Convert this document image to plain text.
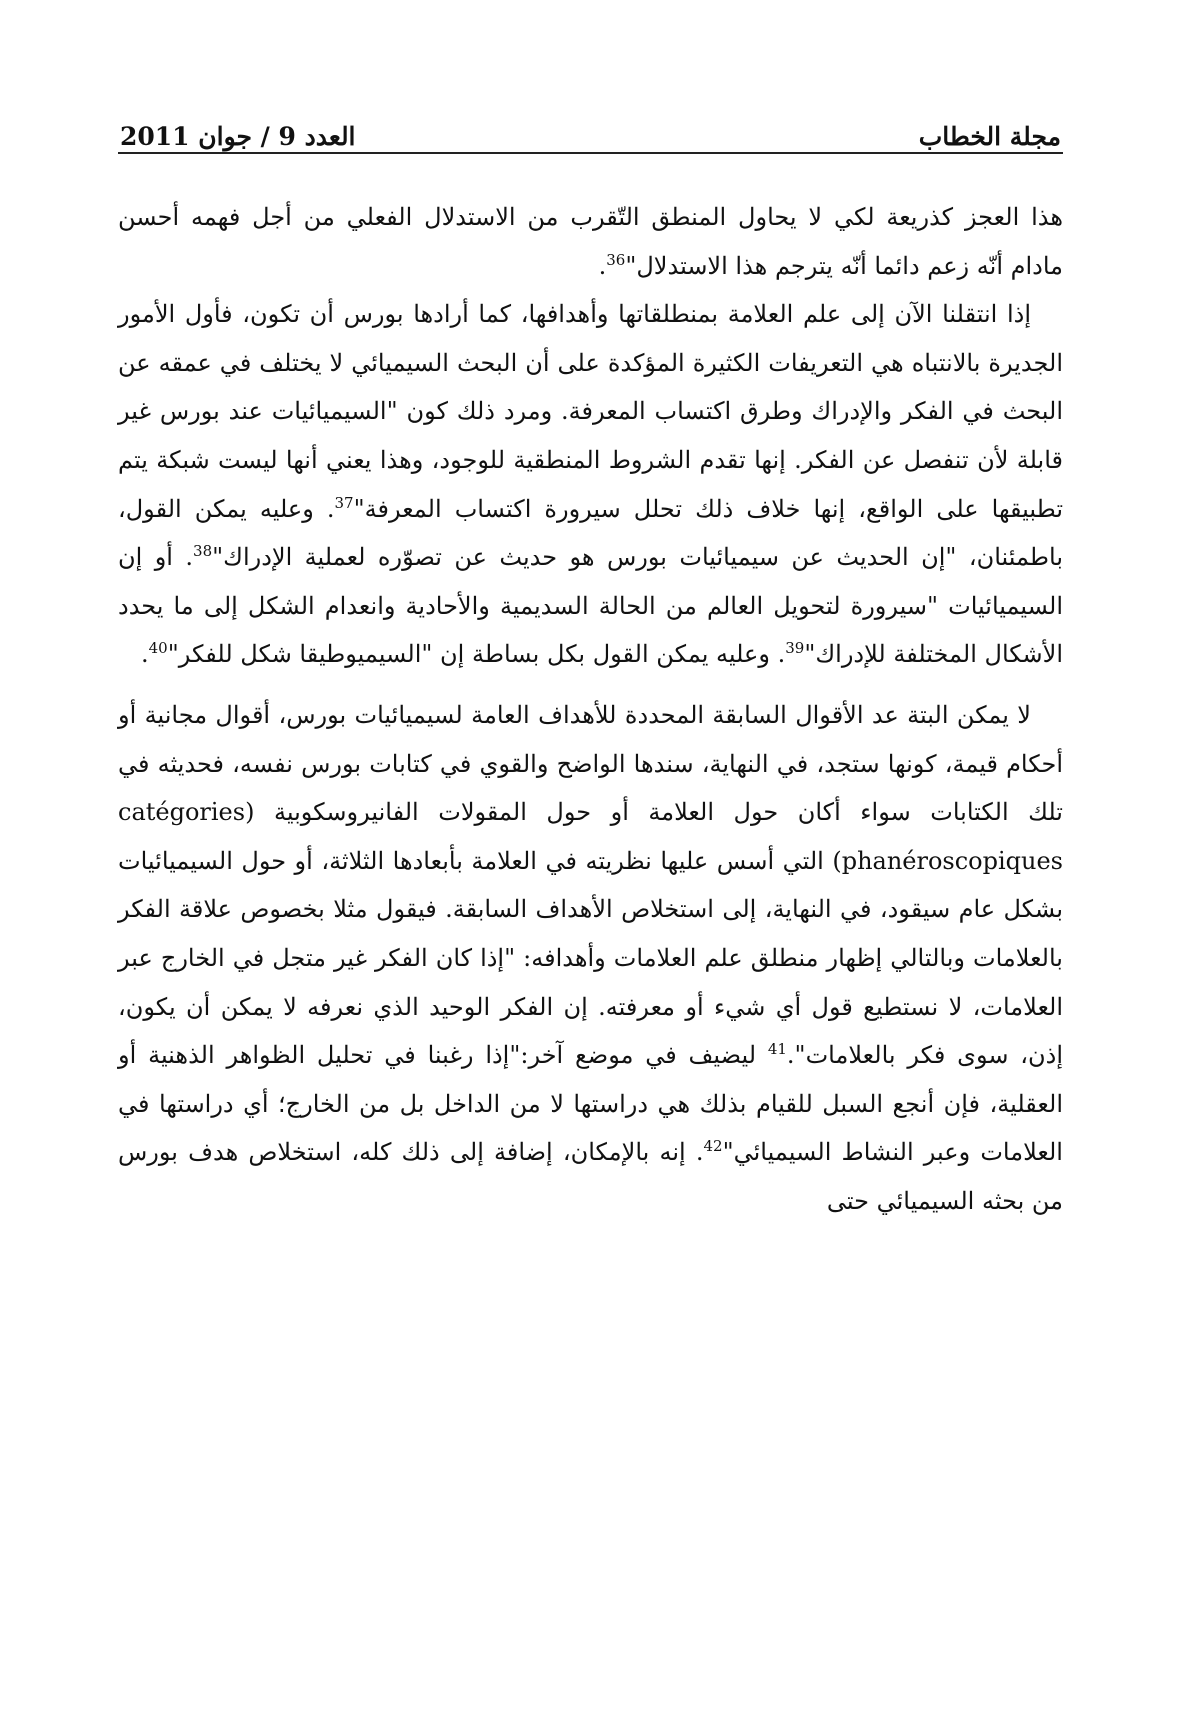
مجلة الخطاب
العدد 9 / جوان 2011

هذا العجز كذريعة لكي لا يحاول المنطق التّقرب من الاستدلال الفعلي من أجل فهمه أحسن مادام أنّه زعم دائما أنّه يترجم هذا الاستدلال"$^{36}$.

إذا انتقلنا الآن إلى علم العلامة بمنطلقاتها وأهدافها، كما أرادها بورس أن تكون، فأول الأمور الجديرة بالانتباه هي التعريفات الكثيرة المؤكدة على أن البحث السيميائي لا يختلف في عمقه عن البحث في الفكر والإدراك وطرق اكتساب المعرفة. ومرد ذلك كون "السيميائيات عند بورس غير قابلة لأن تنفصل عن الفكر. إنها تقدم الشروط المنطقية للوجود، وهذا يعني أنها ليست شبكة يتم تطبيقها على الواقع، إنها خلاف ذلك تحلل سيرورة اكتساب المعرفة"$^{37}$. وعليه يمكن القول، باطمئنان، "إن الحديث عن سيميائيات بورس هو حديث عن تصوّره لعملية الإدراك"$^{38}$. أو إن السيميائيات "سيرورة لتحويل العالم من الحالة السديمية والأحادية وانعدام الشكل إلى ما يحدد الأشكال المختلفة للإدراك"$^{39}$. وعليه يمكن القول بكل بساطة إن "السيميوطيقا شكل للفكر"$^{40}$.

لا يمكن البتة عد الأقوال السابقة المحددة للأهداف العامة لسيميائيات بورس، أقوال مجانية أو أحكام قيمة، كونها ستجد، في النهاية، سندها الواضح والقوي في كتابات بورس نفسه، فحديثه في تلك الكتابات سواء أكان حول العلامة أو حول المقولات الفانيروسكوبية (catégories phanéroscopiques) التي أسس عليها نظريته في العلامة بأبعادها الثلاثة، أو حول السيميائيات بشكل عام سيقود، في النهاية، إلى استخلاص الأهداف السابقة. فيقول مثلا بخصوص علاقة الفكر بالعلامات وبالتالي إظهار منطلق علم العلامات وأهدافه: "إذا كان الفكر غير متجل في الخارج عبر العلامات، لا نستطيع قول أي شيء أو معرفته. إن الفكر الوحيد الذي نعرفه لا يمكن أن يكون، إذن، سوى فكر بالعلامات".$^{41}$ ليضيف في موضع آخر:"إذا رغبنا في تحليل الظواهر الذهنية أو العقلية، فإن أنجع السبل للقيام بذلك هي دراستها لا من الداخل بل من الخارج؛ أي دراستها في العلامات وعبر النشاط السيميائي"$^{42}$. إنه بالإمكان، إضافة إلى ذلك كله، استخلاص هدف بورس من بحثه السيميائي حتى
